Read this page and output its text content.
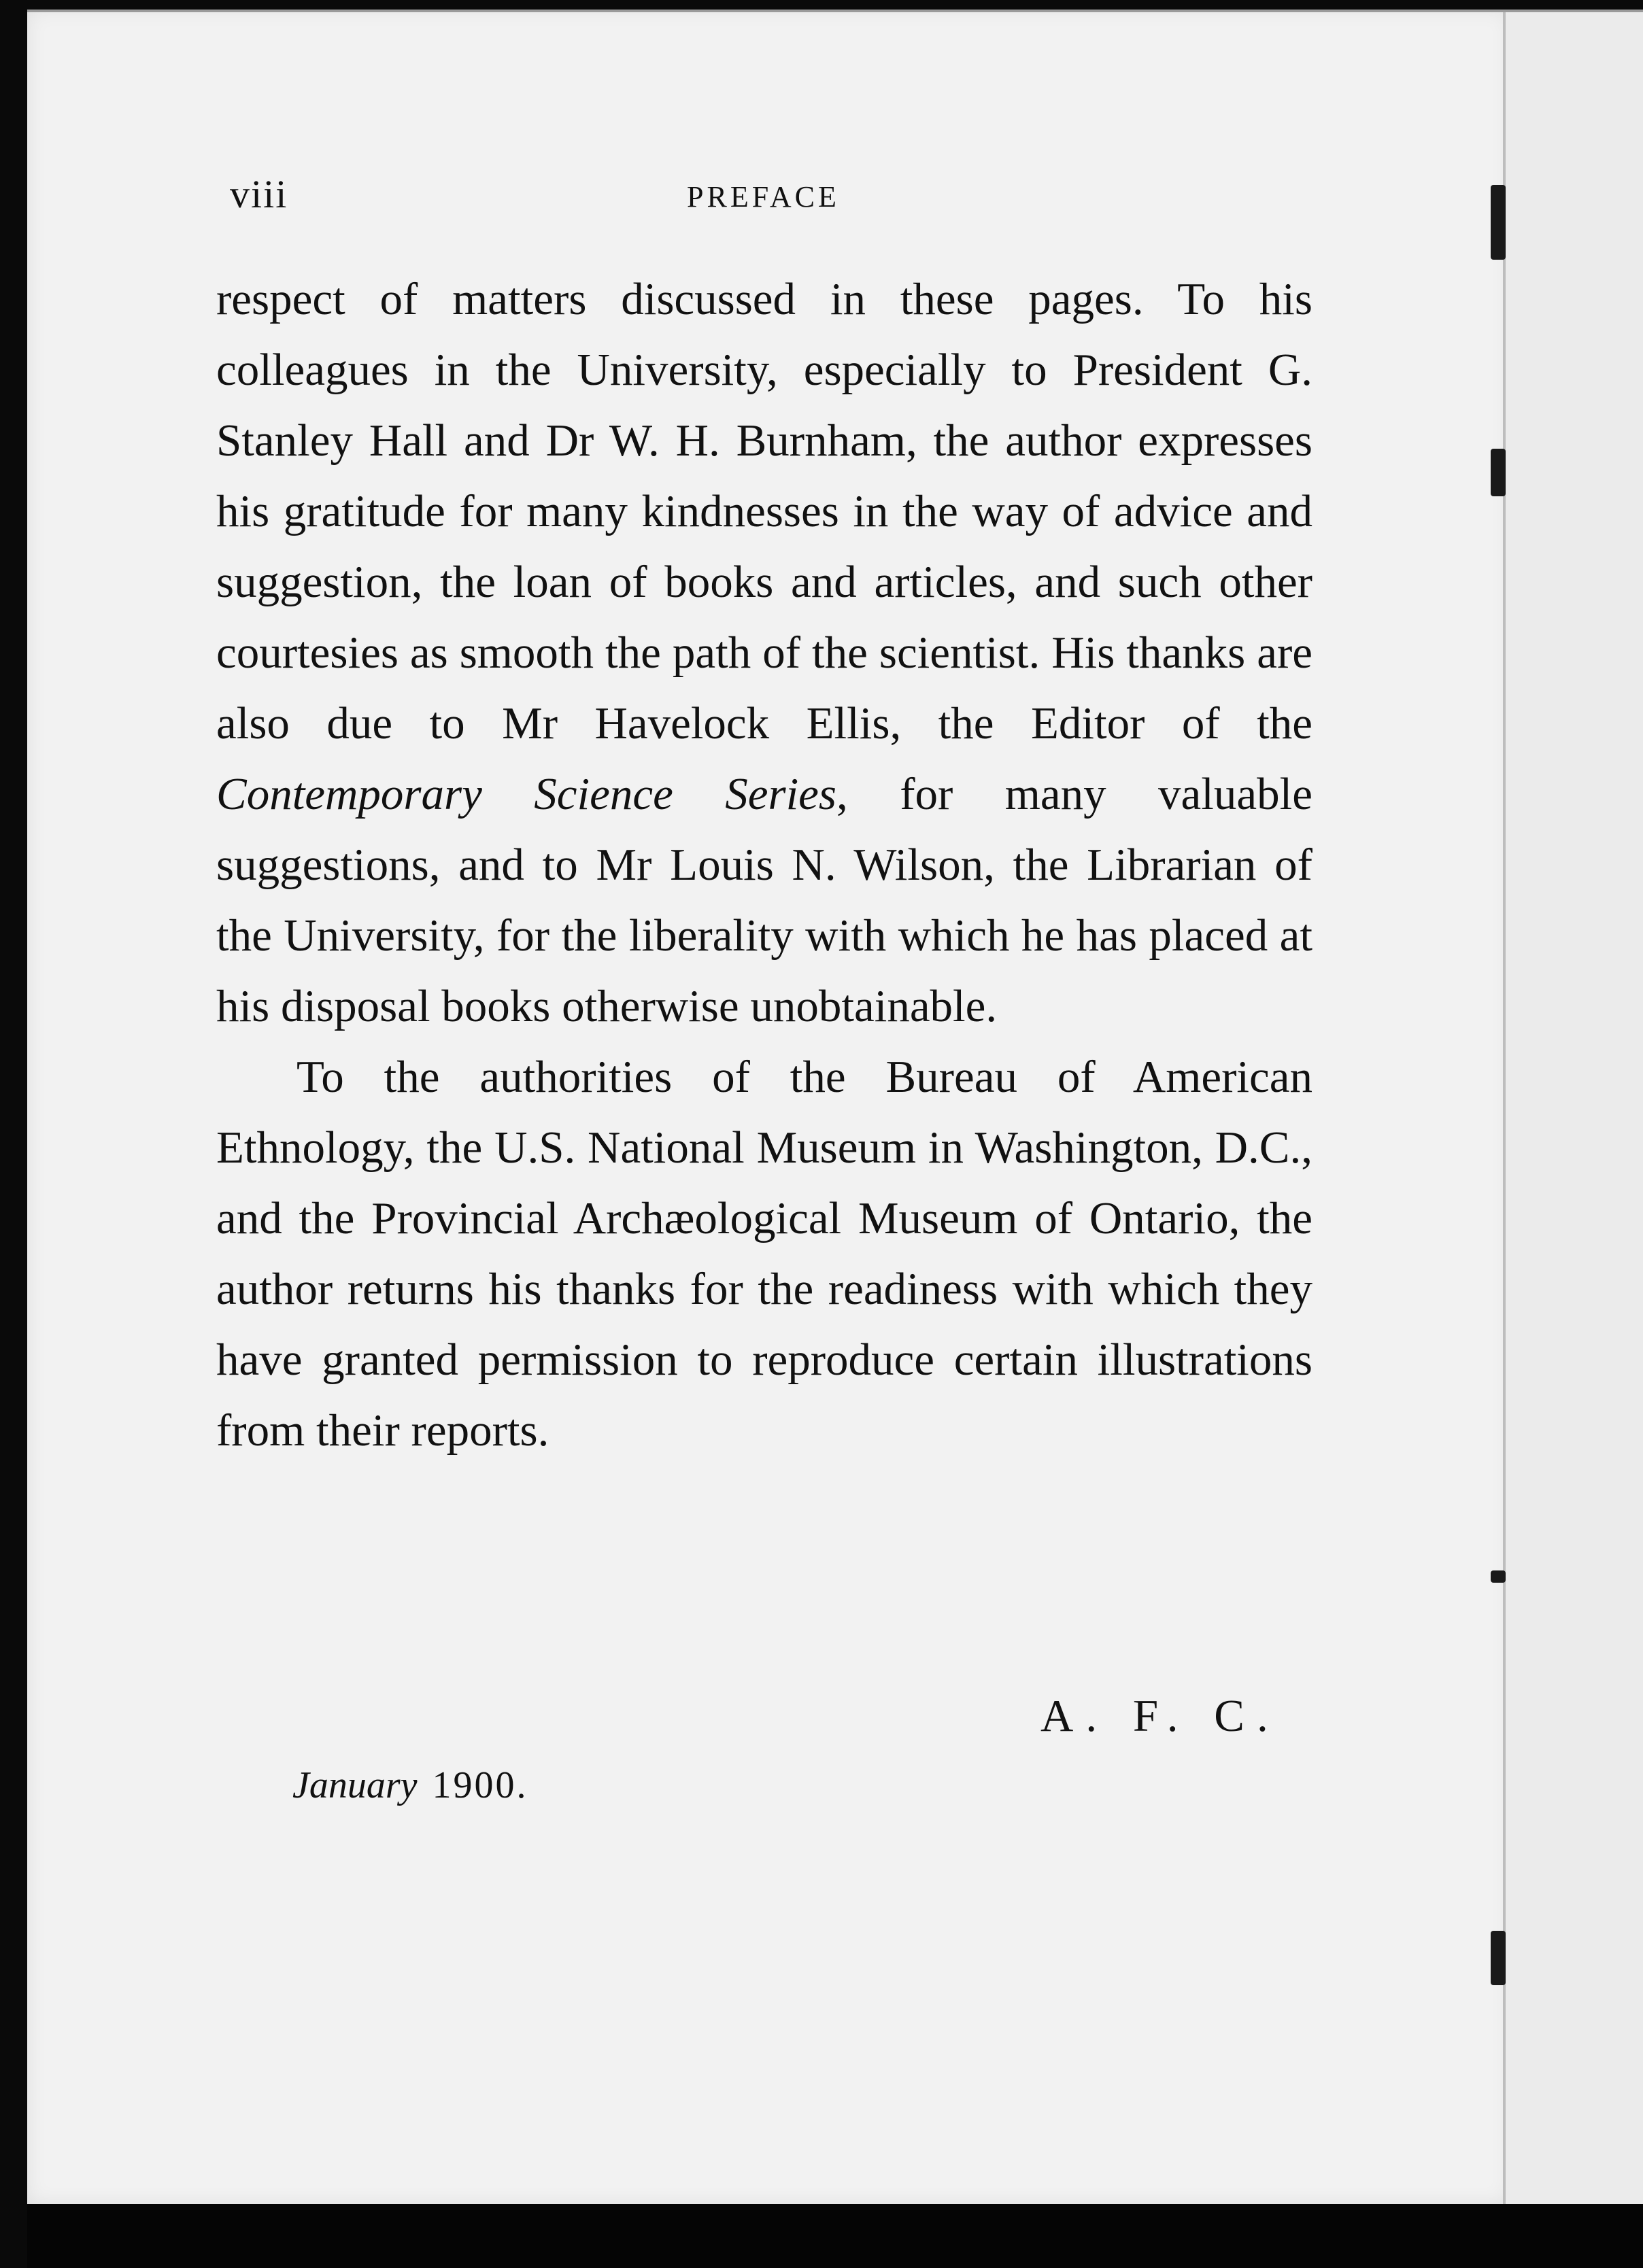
viii	PREFACE

respect of matters discussed in these pages. To his colleagues in the University, especially to President G. Stanley Hall and Dr W. H. Burnham, the author expresses his gratitude for many kindnesses in the way of advice and suggestion, the loan of books and articles, and such other courtesies as smooth the path of the scientist. His thanks are also due to Mr Havelock Ellis, the Editor of the Contemporary Science Series, for many valuable suggestions, and to Mr Louis N. Wilson, the Librarian of the University, for the liberality with which he has placed at his disposal books otherwise unobtainable.

To the authorities of the Bureau of American Ethnology, the U.S. National Museum in Washington, D.C., and the Provincial Archæological Museum of Ontario, the author returns his thanks for the readiness with which they have granted permission to reproduce certain illustrations from their reports.

A. F. C.
January 1900.
